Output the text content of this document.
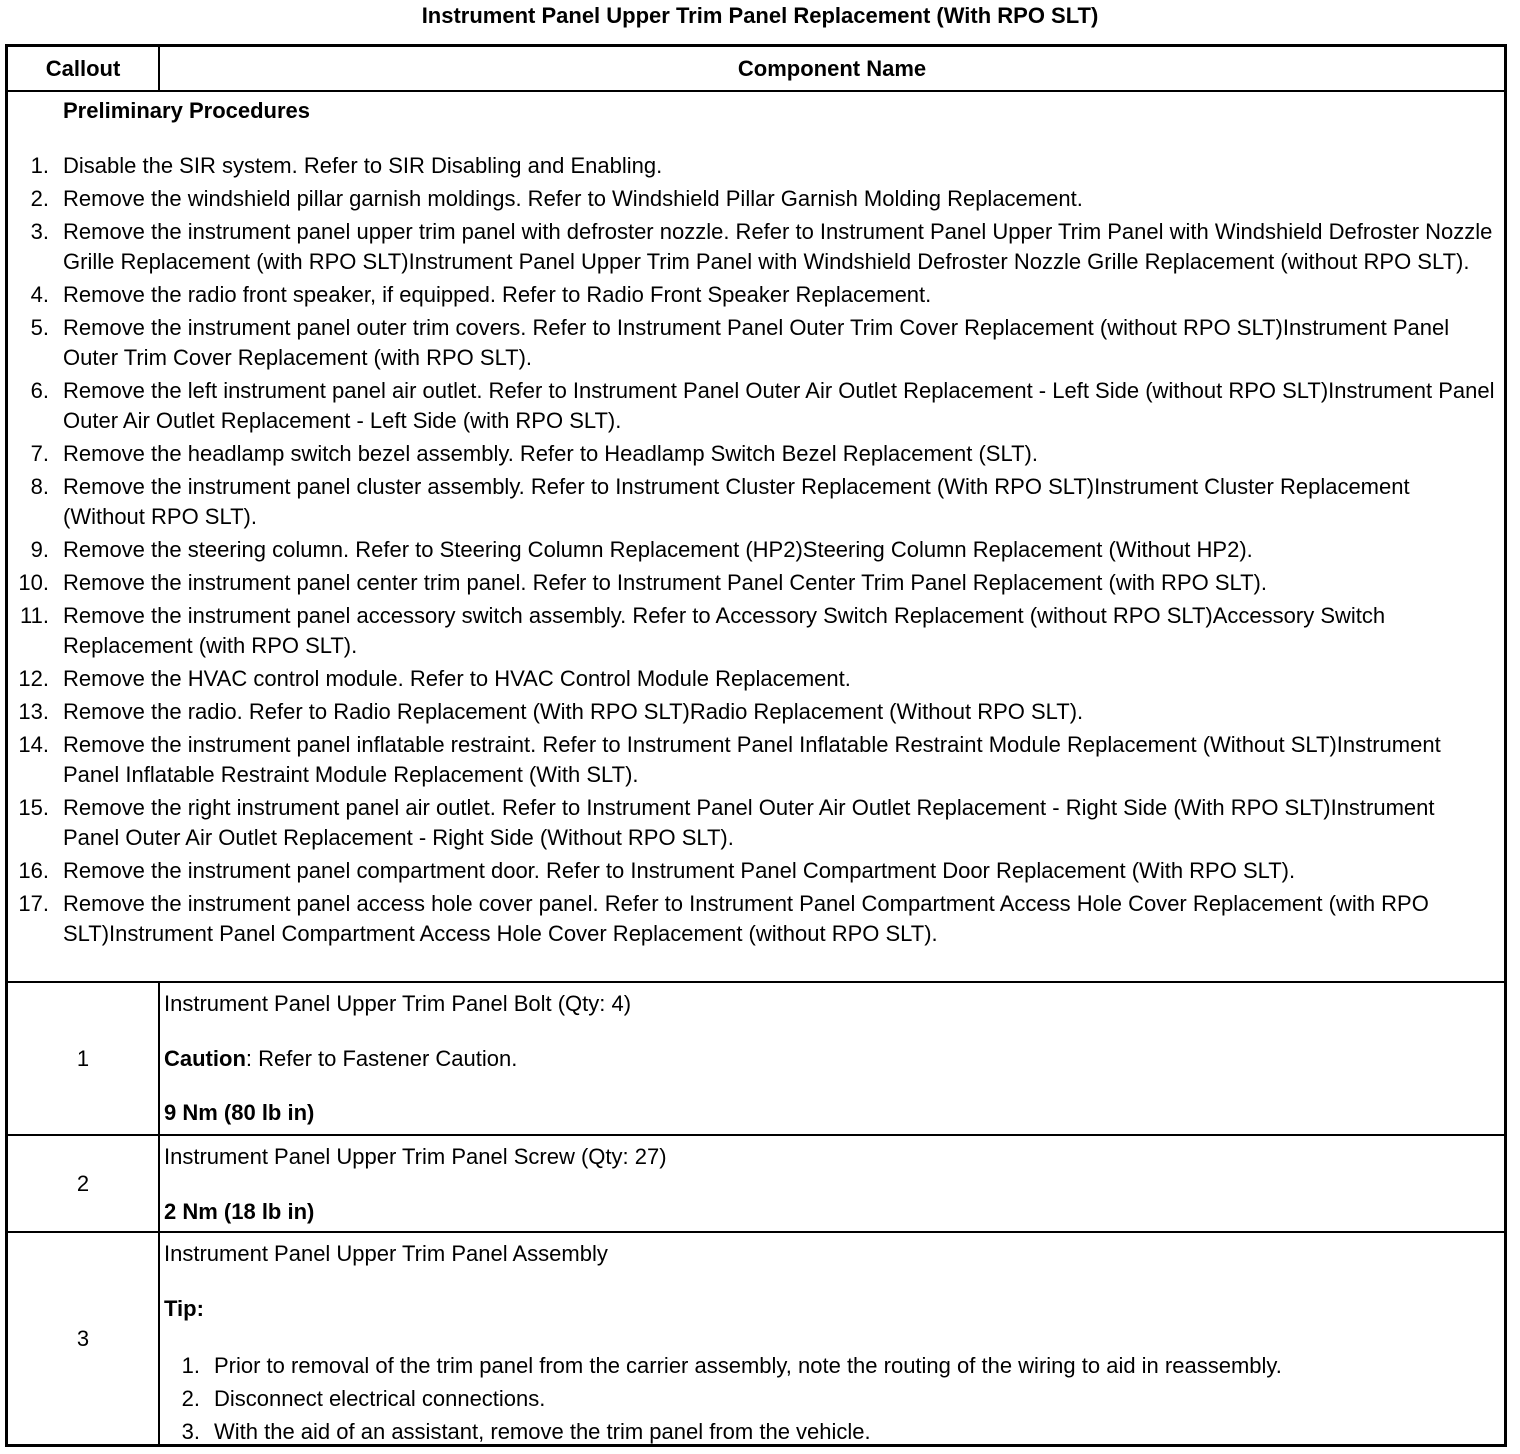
Instrument Panel Upper Trim Panel Replacement (With RPO SLT)
Callout	Component Name
Preliminary Procedures
1. Disable the SIR system. Refer to SIR Disabling and Enabling.
2. Remove the windshield pillar garnish moldings. Refer to Windshield Pillar Garnish Molding Replacement.
3. Remove the instrument panel upper trim panel with defroster nozzle. Refer to Instrument Panel Upper Trim Panel with Windshield Defroster Nozzle Grille Replacement (with RPO SLT)Instrument Panel Upper Trim Panel with Windshield Defroster Nozzle Grille Replacement (without RPO SLT).
4. Remove the radio front speaker, if equipped. Refer to Radio Front Speaker Replacement.
5. Remove the instrument panel outer trim covers. Refer to Instrument Panel Outer Trim Cover Replacement (without RPO SLT)Instrument Panel Outer Trim Cover Replacement (with RPO SLT).
6. Remove the left instrument panel air outlet. Refer to Instrument Panel Outer Air Outlet Replacement - Left Side (without RPO SLT)Instrument Panel Outer Air Outlet Replacement - Left Side (with RPO SLT).
7. Remove the headlamp switch bezel assembly. Refer to Headlamp Switch Bezel Replacement (SLT).
8. Remove the instrument panel cluster assembly. Refer to Instrument Cluster Replacement (With RPO SLT)Instrument Cluster Replacement (Without RPO SLT).
9. Remove the steering column. Refer to Steering Column Replacement (HP2)Steering Column Replacement (Without HP2).
10. Remove the instrument panel center trim panel. Refer to Instrument Panel Center Trim Panel Replacement (with RPO SLT).
11. Remove the instrument panel accessory switch assembly. Refer to Accessory Switch Replacement (without RPO SLT)Accessory Switch Replacement (with RPO SLT).
12. Remove the HVAC control module. Refer to HVAC Control Module Replacement.
13. Remove the radio. Refer to Radio Replacement (With RPO SLT)Radio Replacement (Without RPO SLT).
14. Remove the instrument panel inflatable restraint. Refer to Instrument Panel Inflatable Restraint Module Replacement (Without SLT)Instrument Panel Inflatable Restraint Module Replacement (With SLT).
15. Remove the right instrument panel air outlet. Refer to Instrument Panel Outer Air Outlet Replacement - Right Side (With RPO SLT)Instrument Panel Outer Air Outlet Replacement - Right Side (Without RPO SLT).
16. Remove the instrument panel compartment door. Refer to Instrument Panel Compartment Door Replacement (With RPO SLT).
17. Remove the instrument panel access hole cover panel. Refer to Instrument Panel Compartment Access Hole Cover Replacement (with RPO SLT)Instrument Panel Compartment Access Hole Cover Replacement (without RPO SLT).
1
Instrument Panel Upper Trim Panel Bolt (Qty: 4)
Caution: Refer to Fastener Caution.
9 Nm (80 lb in)
2
Instrument Panel Upper Trim Panel Screw (Qty: 27)
2 Nm (18 lb in)
3
Instrument Panel Upper Trim Panel Assembly
Tip:
1. Prior to removal of the trim panel from the carrier assembly, note the routing of the wiring to aid in reassembly.
2. Disconnect electrical connections.
3. With the aid of an assistant, remove the trim panel from the vehicle.
